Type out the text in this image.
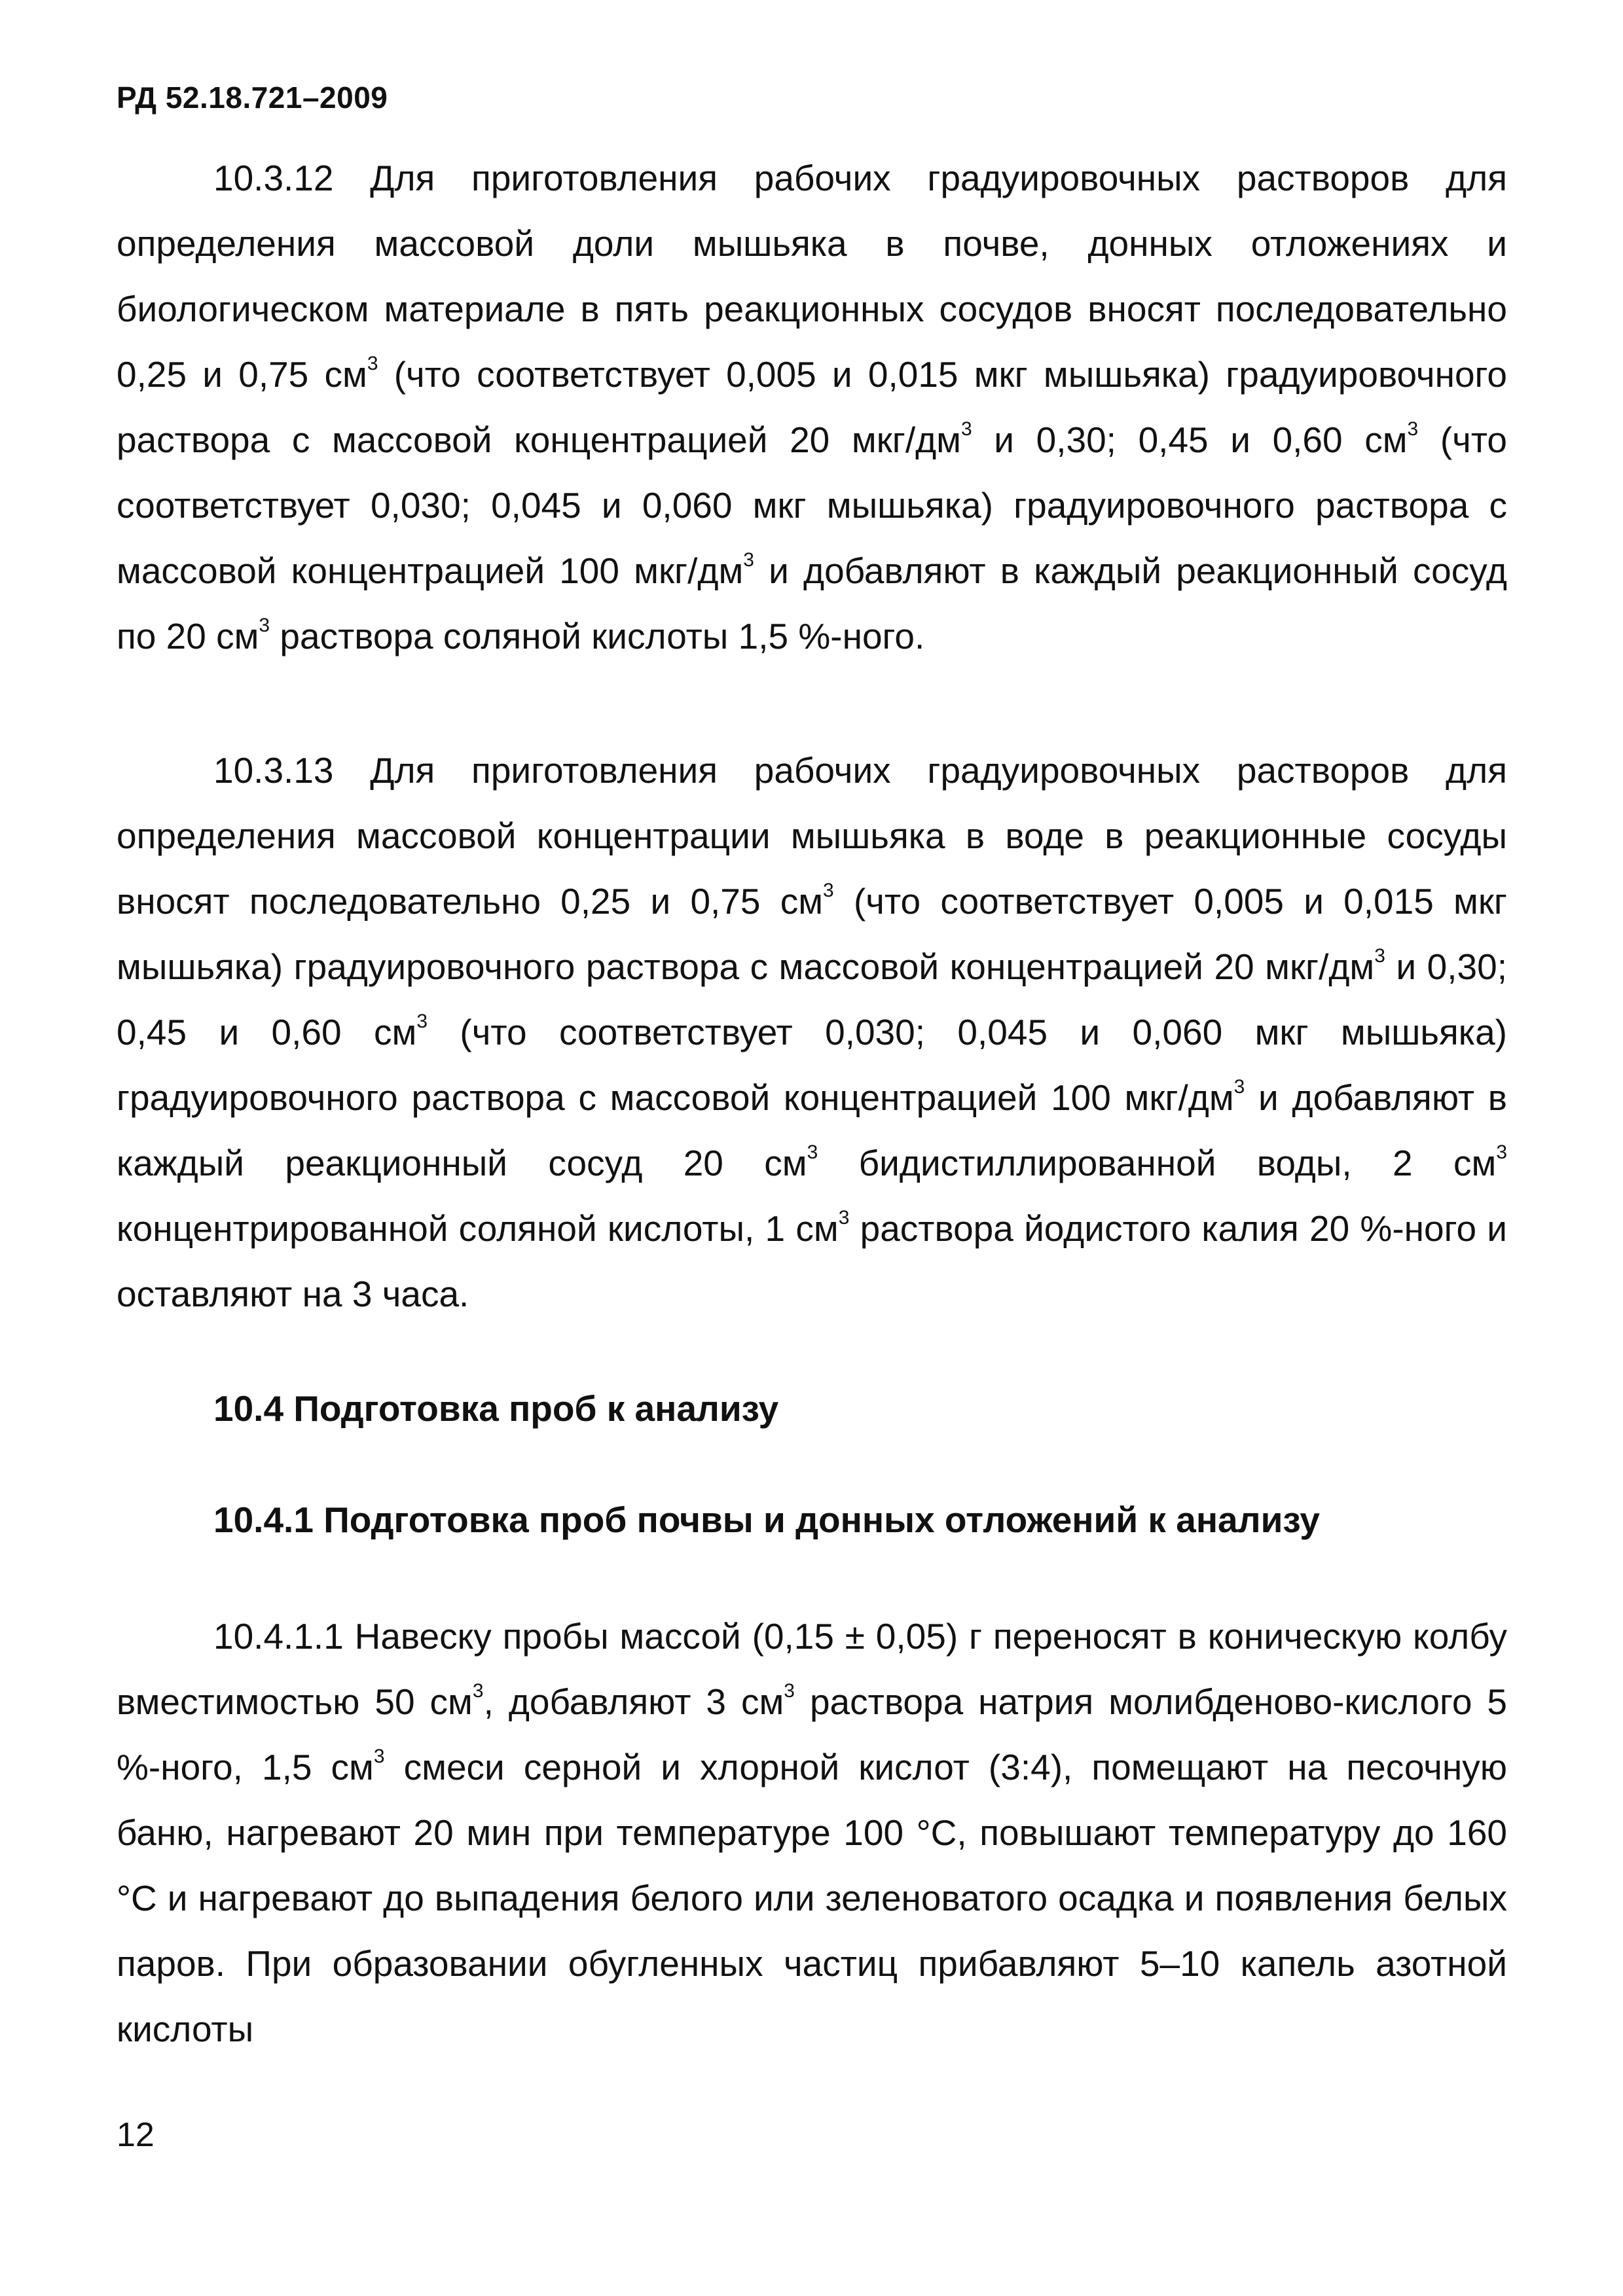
РД 52.18.721–2009

10.3.12 Для приготовления рабочих градуировочных растворов для определения массовой доли мышьяка в почве, донных отложениях и биологическом материале в пять реакционных сосудов вносят последовательно 0,25 и 0,75 $см^3$ (что соответствует 0,005 и 0,015 мкг мышьяка) градуировочного раствора с массовой концентрацией 20 мкг/$дм^3$ и 0,30; 0,45 и 0,60 $см^3$ (что соответствует 0,030; 0,045 и 0,060 мкг мышьяка) градуировочного раствора с массовой концентрацией 100 мкг/$дм^3$ и добавляют в каждый реакционный сосуд по 20 $см^3$ раствора соляной кислоты 1,5 %-ного.

10.3.13 Для приготовления рабочих градуировочных растворов для определения массовой концентрации мышьяка в воде в реакционные сосуды вносят последовательно 0,25 и 0,75 $см^3$ (что соответствует 0,005 и 0,015 мкг мышьяка) градуировочного раствора с массовой концентрацией 20 мкг/$дм^3$ и 0,30; 0,45 и 0,60 $см^3$ (что соответствует 0,030; 0,045 и 0,060 мкг мышьяка) градуировочного раствора с массовой концентрацией 100 мкг/$дм^3$ и добавляют в каждый реакционный сосуд 20 $см^3$ бидистиллированной воды, 2 $см^3$ концентрированной соляной кислоты, 1 $см^3$ раствора йодистого калия 20 %-ного и оставляют на 3 часа.

10.4 Подготовка проб к анализу
10.4.1 Подготовка проб почвы и донных отложений к анализу

10.4.1.1 Навеску пробы массой (0,15 ± 0,05) г переносят в коническую колбу вместимостью 50 $см^3$, добавляют 3 $см^3$ раствора натрия молибденово-кислого 5 %-ного, 1,5 $см^3$ смеси серной и хлорной кислот (3:4), помещают на песочную баню, нагревают 20 мин при температуре 100 °С, повышают температуру до 160 °С и нагревают до выпадения белого или зеленоватого осадка и появления белых паров. При образовании обугленных частиц прибавляют 5–10 капель азотной кислоты

12
